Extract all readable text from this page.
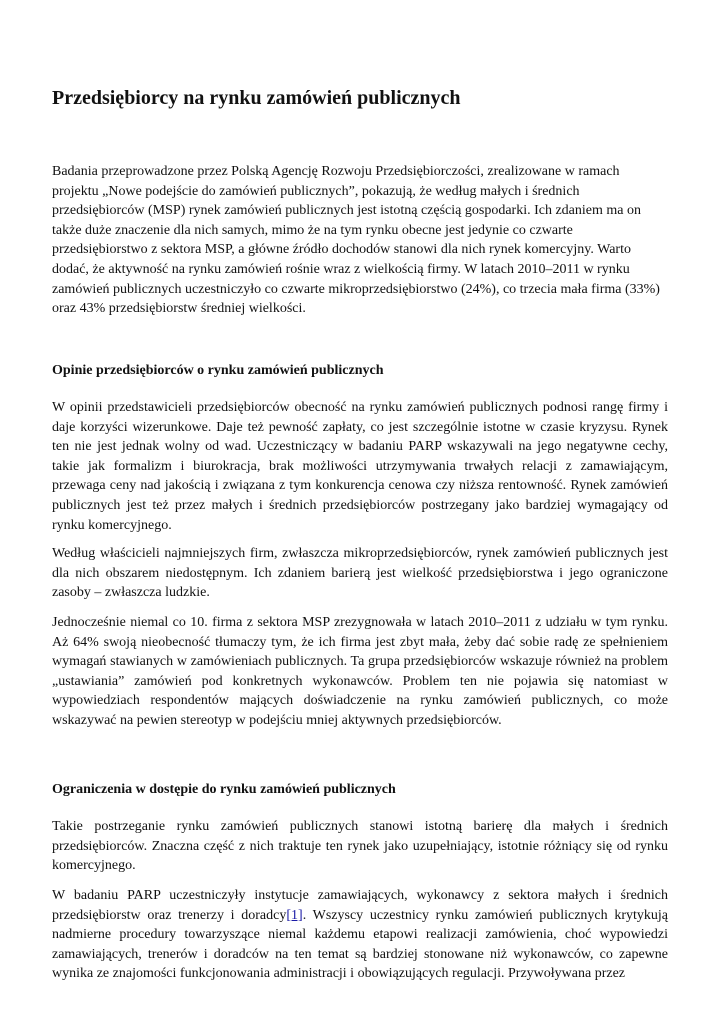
Przedsiębiorcy na rynku zamówień publicznych

Badania przeprowadzone przez Polską Agencję Rozwoju Przedsiębiorczości, zrealizowane w ramach projektu „Nowe podejście do zamówień publicznych”, pokazują, że według małych i średnich przedsiębiorców (MSP) rynek zamówień publicznych jest istotną częścią gospodarki. Ich zdaniem ma on także duże znaczenie dla nich samych, mimo że na tym rynku obecne jest jedynie co czwarte przedsiębiorstwo z sektora MSP, a główne źródło dochodów stanowi dla nich rynek komercyjny. Warto dodać, że aktywność na rynku zamówień rośnie wraz z wielkością firmy. W latach 2010–2011 w rynku zamówień publicznych uczestniczyło co czwarte mikroprzedsiębiorstwo (24%), co trzecia mała firma (33%) oraz 43% przedsiębiorstw średniej wielkości.

Opinie przedsiębiorców o rynku zamówień publicznych

W opinii przedstawicieli przedsiębiorców obecność na rynku zamówień publicznych podnosi rangę firmy i daje korzyści wizerunkowe. Daje też pewność zapłaty, co jest szczególnie istotne w czasie kryzysu. Rynek ten nie jest jednak wolny od wad. Uczestniczący w badaniu PARP wskazywali na jego negatywne cechy, takie jak formalizm i biurokracja, brak możliwości utrzymywania trwałych relacji z zamawiającym, przewaga ceny nad jakością i związana z tym konkurencja cenowa czy niższa rentowność. Rynek zamówień publicznych jest też przez małych i średnich przedsiębiorców postrzegany jako bardziej wymagający od rynku komercyjnego.

Według właścicieli najmniejszych firm, zwłaszcza mikroprzedsiębiorców, rynek zamówień publicznych jest dla nich obszarem niedostępnym. Ich zdaniem barierą jest wielkość przedsiębiorstwa i jego ograniczone zasoby – zwłaszcza ludzkie.

Jednocześnie niemal co 10. firma z sektora MSP zrezygnowała w latach 2010–2011 z udziału w tym rynku. Aż 64% swoją nieobecność tłumaczy tym, że ich firma jest zbyt mała, żeby dać sobie radę ze spełnieniem wymagań stawianych w zamówieniach publicznych. Ta grupa przedsiębiorców wskazuje również na problem „ustawiania” zamówień pod konkretnych wykonawców. Problem ten nie pojawia się natomiast w wypowiedziach respondentów mających doświadczenie na rynku zamówień publicznych, co może wskazywać na pewien stereotyp w podejściu mniej aktywnych przedsiębiorców.

Ograniczenia w dostępie do rynku zamówień publicznych

Takie postrzeganie rynku zamówień publicznych stanowi istotną barierę dla małych i średnich przedsiębiorców. Znaczna część z nich traktuje ten rynek jako uzupełniający, istotnie różniący się od rynku komercyjnego.

W badaniu PARP uczestniczyły instytucje zamawiających, wykonawcy z sektora małych i średnich przedsiębiorstw oraz trenerzy i doradcy[1]. Wszyscy uczestnicy rynku zamówień publicznych krytykują nadmierne procedury towarzyszące niemal każdemu etapowi realizacji zamówienia, choć wypowiedzi zamawiających, trenerów i doradców na ten temat są bardziej stonowane niż wykonawców, co zapewne wynika ze znajomości funkcjonowania administracji i obowiązujących regulacji. Przywoływana przez
